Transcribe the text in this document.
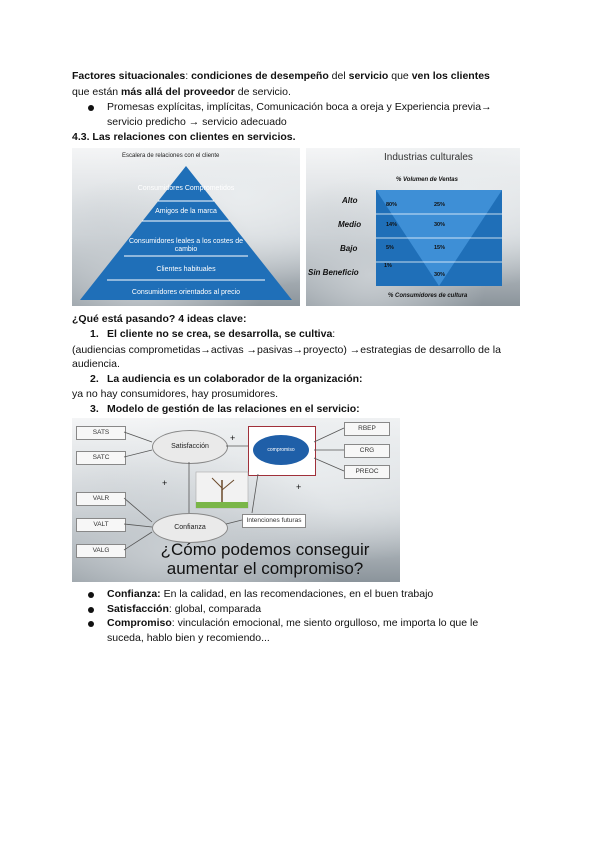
Factores situacionales: condiciones de desempeño del servicio que ven los clientes
que están más allá del proveedor de servicio.
Promesas explícitas, implícitas, Comunicación boca a oreja y Experiencia previa→
servicio predicho → servicio adecuado
4.3. Las relaciones con clientes en servicios.
Escalera de relaciones con el cliente
Consumidores Comprometidos
Amigos de la marca
Consumidores leales a los costes de cambio
Clientes habituales
Consumidores orientados al precio
Industrias culturales
% Volumen de Ventas
Alto
Medio
Bajo
Sin Beneficio
80%
14%
5%
1%
25%
30%
15%
30%
% Consumidores de cultura
¿Qué está pasando? 4 ideas clave:
1. El cliente no se crea, se desarrolla, se cultiva:
(audiencias comprometidas→activas →pasivas→proyecto) →estrategias de desarrollo de la
audiencia.
2. La audiencia es un colaborador de la organización:
ya no hay consumidores, hay prosumidores.
3. Modelo de gestión de las relaciones en el servicio:
SATS
SATC
VALR
VALT
VALG
Satisfacción	compromiso
Confianza
RBEP
CRG
PREOC
Intenciones futuras
+
+	+
¿Cómo podemos conseguir
aumentar el compromiso?
Confianza: En la calidad, en las recomendaciones, en el buen trabajo
Satisfacción: global, comparada
Compromiso: vinculación emocional, me siento orgulloso, me importa lo que le
suceda, hablo bien y recomiendo...
